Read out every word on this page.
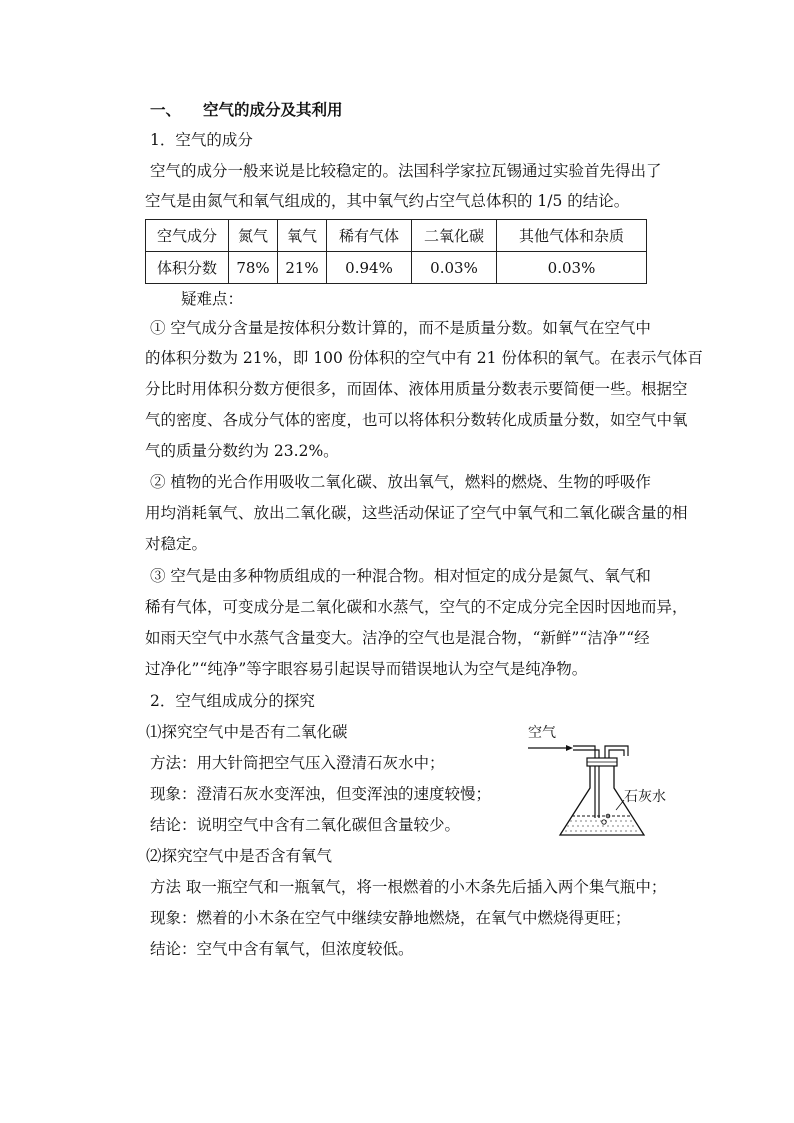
一、 空气的成分及其利用
1．空气的成分
空气的成分一般来说是比较稳定的。法国科学家拉瓦锡通过实验首先得出了
空气是由氮气和氧气组成的，其中氧气约占空气总体积的 1/5 的结论。
空气成分	氮气	氧气	稀有气体	二氧化碳	其他气体和杂质
体积分数	78%	21%	0.94%	0.03%	0.03%
疑难点：
① 空气成分含量是按体积分数计算的，而不是质量分数。如氧气在空气中
的体积分数为 21%，即 100 份体积的空气中有 21 份体积的氧气。在表示气体百
分比时用体积分数方便很多，而固体、液体用质量分数表示要简便一些。根据空
气的密度、各成分气体的密度，也可以将体积分数转化成质量分数，如空气中氧
气的质量分数约为 23.2%。
② 植物的光合作用吸收二氧化碳、放出氧气，燃料的燃烧、生物的呼吸作
用均消耗氧气、放出二氧化碳，这些活动保证了空气中氧气和二氧化碳含量的相
对稳定。
③ 空气是由多种物质组成的一种混合物。相对恒定的成分是氮气、氧气和
稀有气体，可变成分是二氧化碳和水蒸气，空气的不定成分完全因时因地而异，
如雨天空气中水蒸气含量变大。洁净的空气也是混合物，“新鲜”“洁净”“经
过净化”“纯净”等字眼容易引起误导而错误地认为空气是纯净物。
2．空气组成成分的探究
⑴探究空气中是否有二氧化碳
方法：用大针筒把空气压入澄清石灰水中；
现象：澄清石灰水变浑浊，但变浑浊的速度较慢；
结论：说明空气中含有二氧化碳但含量较少。
空气
石灰水
⑵探究空气中是否含有氧气
方法 取一瓶空气和一瓶氧气，将一根燃着的小木条先后插入两个集气瓶中；
现象：燃着的小木条在空气中继续安静地燃烧，在氧气中燃烧得更旺；
结论：空气中含有氧气，但浓度较低。
